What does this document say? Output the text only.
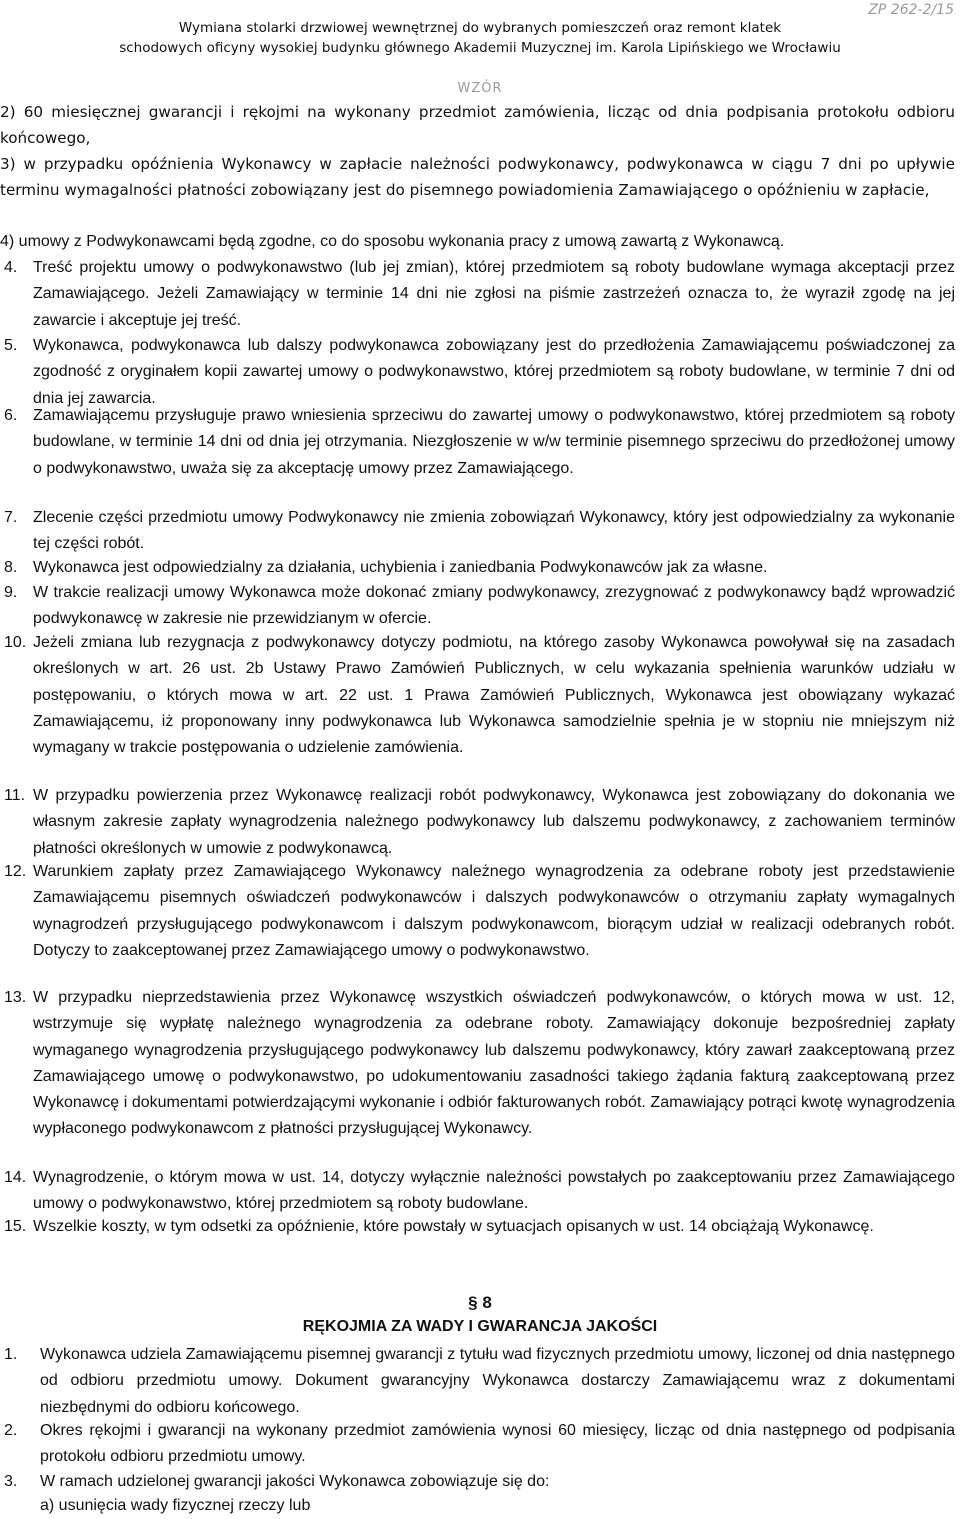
ZP 262-2/15
Wymiana stolarki drzwiowej wewnętrznej do wybranych pomieszczeń oraz remont klatek
schodowych oficyny wysokiej budynku głównego Akademii Muzycznej im. Karola Lipińskiego we Wrocławiu
WZÓR
2) 60 miesięcznej gwarancji i rękojmi na wykonany przedmiot zamówienia, licząc od dnia podpisania protokołu odbioru końcowego,
3) w przypadku opóźnienia Wykonawcy w zapłacie należności podwykonawcy, podwykonawca w ciągu 7 dni po upływie terminu wymagalności płatności zobowiązany jest do pisemnego powiadomienia Zamawiającego o opóźnieniu w zapłacie,
4) umowy z Podwykonawcami będą zgodne, co do sposobu wykonania pracy z umową zawartą z Wykonawcą.
4. Treść projektu umowy o podwykonawstwo (lub jej zmian), której przedmiotem są roboty budowlane wymaga akceptacji przez Zamawiającego. Jeżeli Zamawiający w terminie 14 dni nie zgłosi na piśmie zastrzeżeń oznacza to, że wyraził zgodę na jej zawarcie i akceptuje jej treść.
5. Wykonawca, podwykonawca lub dalszy podwykonawca zobowiązany jest do przedłożenia Zamawiającemu poświadczonej za zgodność z oryginałem kopii zawartej umowy o podwykonawstwo, której przedmiotem są roboty budowlane, w terminie 7 dni od dnia jej zawarcia.
6. Zamawiającemu przysługuje prawo wniesienia sprzeciwu do zawartej umowy o podwykonawstwo, której przedmiotem są roboty budowlane, w terminie 14 dni od dnia jej otrzymania. Niezgłoszenie w w/w terminie pisemnego sprzeciwu do przedłożonej umowy o podwykonawstwo, uważa się za akceptację umowy przez Zamawiającego.
7. Zlecenie części przedmiotu umowy Podwykonawcy nie zmienia zobowiązań Wykonawcy, który jest odpowiedzialny za wykonanie tej części robót.
8. Wykonawca jest odpowiedzialny za działania, uchybienia i zaniedbania Podwykonawców jak za własne.
9. W trakcie realizacji umowy Wykonawca może dokonać zmiany podwykonawcy, zrezygnować z podwykonawcy bądź wprowadzić podwykonawcę w zakresie nie przewidzianym w ofercie.
10. Jeżeli zmiana lub rezygnacja z podwykonawcy dotyczy podmiotu, na którego zasoby Wykonawca powoływał się na zasadach określonych w art. 26 ust. 2b Ustawy Prawo Zamówień Publicznych, w celu wykazania spełnienia warunków udziału w postępowaniu, o których mowa w art. 22 ust. 1 Prawa Zamówień Publicznych, Wykonawca jest obowiązany wykazać Zamawiającemu, iż proponowany inny podwykonawca lub Wykonawca samodzielnie spełnia je w stopniu nie mniejszym niż wymagany w trakcie postępowania o udzielenie zamówienia.
11. W przypadku powierzenia przez Wykonawcę realizacji robót podwykonawcy, Wykonawca jest zobowiązany do dokonania we własnym zakresie zapłaty wynagrodzenia należnego podwykonawcy lub dalszemu podwykonawcy, z zachowaniem terminów płatności określonych w umowie z podwykonawcą.
12. Warunkiem zapłaty przez Zamawiającego Wykonawcy należnego wynagrodzenia za odebrane roboty jest przedstawienie Zamawiającemu pisemnych oświadczeń podwykonawców i dalszych podwykonawców o otrzymaniu zapłaty wymagalnych wynagrodzeń przysługującego podwykonawcom i dalszym podwykonawcom, biorącym udział w realizacji odebranych robót. Dotyczy to zaakceptowanej przez Zamawiającego umowy o podwykonawstwo.
13. W przypadku nieprzedstawienia przez Wykonawcę wszystkich oświadczeń podwykonawców, o których mowa w ust. 12, wstrzymuje się wypłatę należnego wynagrodzenia za odebrane roboty. Zamawiający dokonuje bezpośredniej zapłaty wymaganego wynagrodzenia przysługującego podwykonawcy lub dalszemu podwykonawcy, który zawarł zaakceptowaną przez Zamawiającego umowę o podwykonawstwo, po udokumentowaniu zasadności takiego żądania fakturą zaakceptowaną przez Wykonawcę i dokumentami potwierdzającymi wykonanie i odbiór fakturowanych robót. Zamawiający potrąci kwotę wynagrodzenia wypłaconego podwykonawcom z płatności przysługującej Wykonawcy.
14. Wynagrodzenie, o którym mowa w ust. 14, dotyczy wyłącznie należności powstałych po zaakceptowaniu przez Zamawiającego umowy o podwykonawstwo, której przedmiotem są roboty budowlane.
15. Wszelkie koszty, w tym odsetki za opóźnienie, które powstały w sytuacjach opisanych w ust. 14 obciążają Wykonawcę.
§ 8
RĘKOJMIA ZA WADY I GWARANCJA JAKOŚCI
1. Wykonawca udziela Zamawiającemu pisemnej gwarancji z tytułu wad fizycznych przedmiotu umowy, liczonej od dnia następnego od odbioru przedmiotu umowy. Dokument gwarancyjny Wykonawca dostarczy Zamawiającemu wraz z dokumentami niezbędnymi do odbioru końcowego.
2. Okres rękojmi i gwarancji na wykonany przedmiot zamówienia wynosi 60 miesięcy, licząc od dnia następnego od podpisania protokołu odbioru przedmiotu umowy.
3. W ramach udzielonej gwarancji jakości Wykonawca zobowiązuje się do:
a) usunięcia wady fizycznej rzeczy lub
